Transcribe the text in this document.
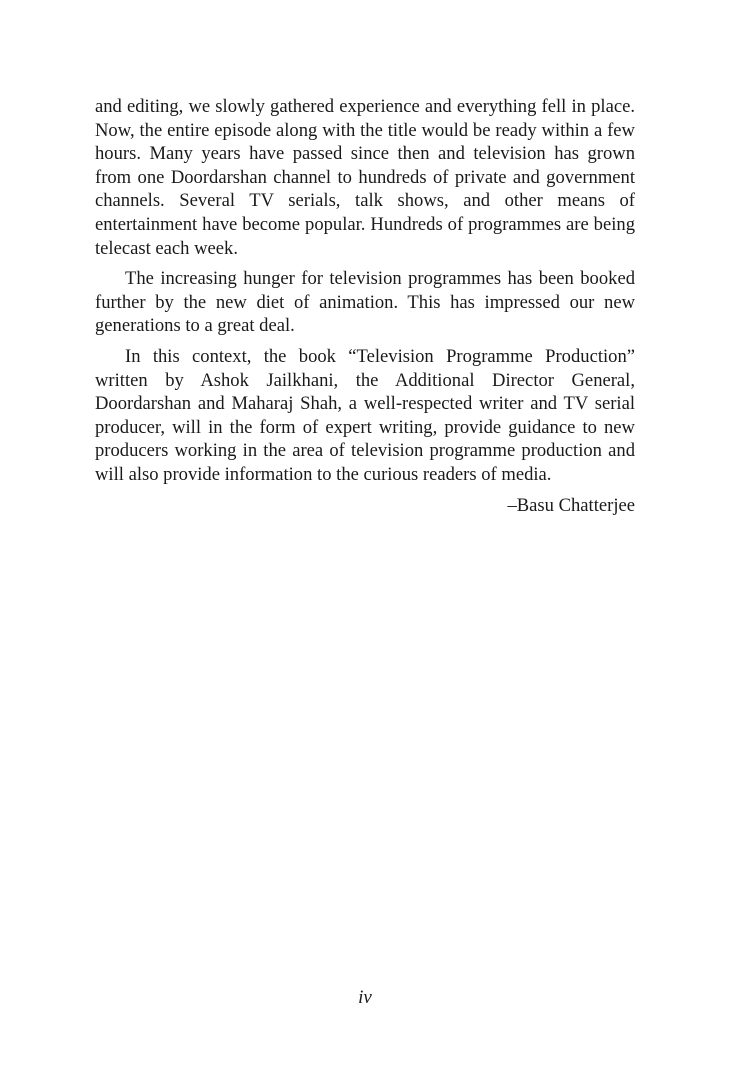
and editing, we slowly gathered experience and everything fell in place. Now, the entire episode along with the title would be ready within a few hours. Many years have passed since then and television has grown from one Doordarshan channel to hundreds of private and government channels. Several TV serials, talk shows, and other means of entertainment have become popular. Hundreds of programmes are being telecast each week.

The increasing hunger for television programmes has been booked further by the new diet of animation. This has impressed our new generations to a great deal.

In this context, the book “Television Programme Production” written by Ashok Jailkhani, the Additional Director General, Doordarshan and Maharaj Shah, a well-respected writer and TV serial producer, will in the form of expert writing, provide guidance to new producers working in the area of television programme production and will also provide information to the curious readers of media.

–Basu Chatterjee

iv
